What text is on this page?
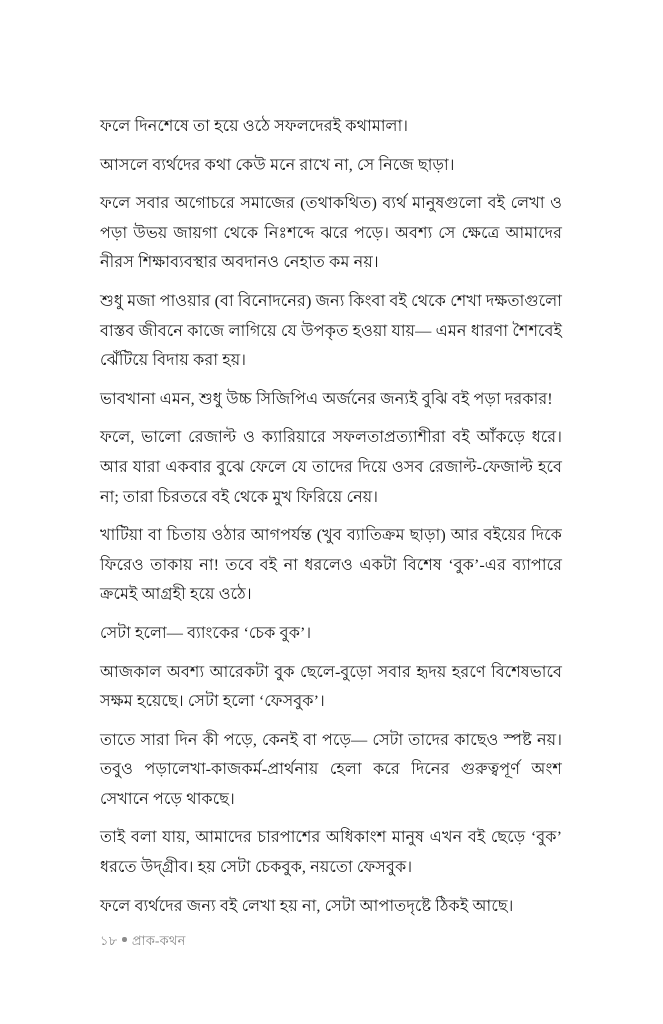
ফলে দিনশেষে তা হয়ে ওঠে সফলদেরই কথামালা।

আসলে ব্যর্থদের কথা কেউ মনে রাখে না, সে নিজে ছাড়া।

ফলে সবার অগোচরে সমাজের (তথাকথিত) ব্যর্থ মানুষগুলো বই লেখা ও পড়া উভয় জায়গা থেকে নিঃশব্দে ঝরে পড়ে। অবশ্য সে ক্ষেত্রে আমাদের নীরস শিক্ষাব্যবস্থার অবদানও নেহাত কম নয়।

শুধু মজা পাওয়ার (বা বিনোদনের) জন্য কিংবা বই থেকে শেখা দক্ষতাগুলো বাস্তব জীবনে কাজে লাগিয়ে যে উপকৃত হওয়া যায়— এমন ধারণা শৈশবেই ঝেঁটিয়ে বিদায় করা হয়।

ভাবখানা এমন, শুধু উচ্চ সিজিপিএ অর্জনের জন্যই বুঝি বই পড়া দরকার!

ফলে, ভালো রেজাল্ট ও ক্যারিয়ারে সফলতাপ্রত্যাশীরা বই আঁকড়ে ধরে। আর যারা একবার বুঝে ফেলে যে তাদের দিয়ে ওসব রেজাল্ট-ফেজাল্ট হবে না; তারা চিরতরে বই থেকে মুখ ফিরিয়ে নেয়।

খাটিয়া বা চিতায় ওঠার আগপর্যন্ত (খুব ব্যাতিক্রম ছাড়া) আর বইয়ের দিকে ফিরেও তাকায় না! তবে বই না ধরলেও একটা বিশেষ ‘বুক’-এর ব্যাপারে ক্রমেই আগ্রহী হয়ে ওঠে।

সেটা হলো— ব্যাংকের ‘চেক বুক’।

আজকাল অবশ্য আরেকটা বুক ছেলে-বুড়ো সবার হৃদয় হরণে বিশেষভাবে সক্ষম হয়েছে। সেটা হলো ‘ফেসবুক’।

তাতে সারা দিন কী পড়ে, কেনই বা পড়ে— সেটা তাদের কাছেও স্পষ্ট নয়। তবুও পড়ালেখা-কাজকর্ম-প্রার্থনায় হেলা করে দিনের গুরুত্বপূর্ণ অংশ সেখানে পড়ে থাকছে।

তাই বলা যায়, আমাদের চারপাশের অধিকাংশ মানুষ এখন বই ছেড়ে ‘বুক’ ধরতে উদ্‌গ্রীব। হয় সেটা চেকবুক, নয়তো ফেসবুক।

ফলে ব্যর্থদের জন্য বই লেখা হয় না, সেটা আপাতদৃষ্টে ঠিকই আছে।

১৮ প্রাক-কথন
